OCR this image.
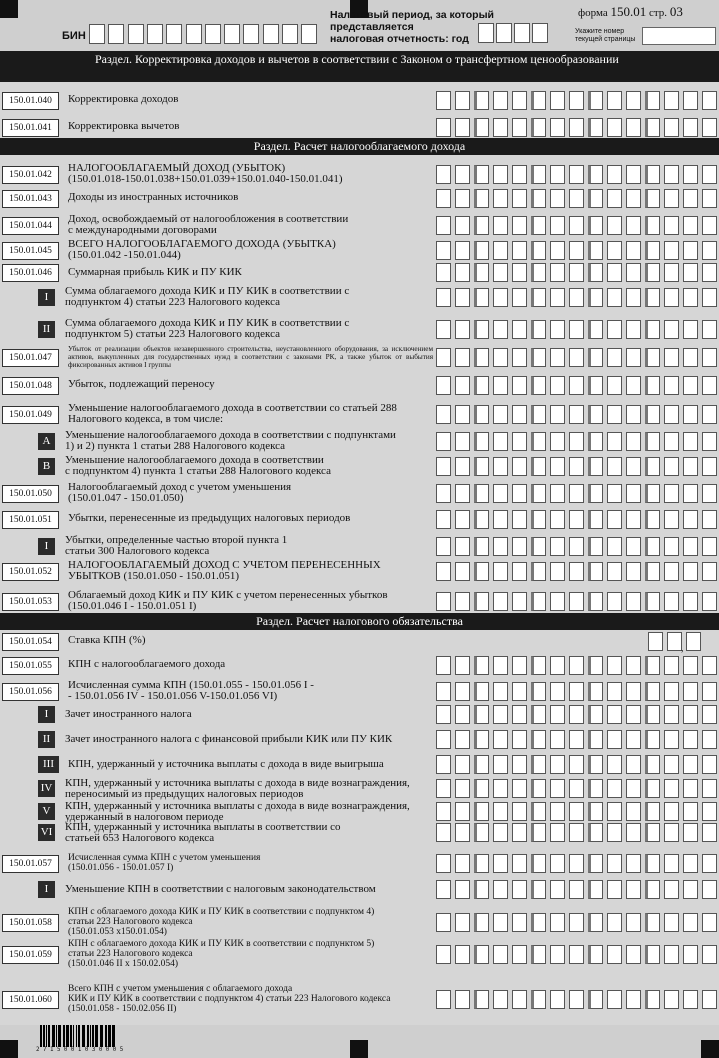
форма 150.01 стр. 03
БИН
Налоговый период, за который
представляется
налоговая отчетность: год
Укажите номер
текущей страницы
Раздел. Корректировка доходов и вычетов в соответствии с Законом о трансфертном ценообразовании
Раздел. Расчет налогооблагаемого дохода
Раздел. Расчет налогового обязательства
150.01.040	Корректировка доходов
150.01.041	Корректировка вычетов
150.01.042
НАЛОГООБЛАГАЕМЫЙ ДОХОД (УБЫТОК)
(150.01.018-150.01.038+150.01.039+150.01.040-150.01.041)
150.01.043	Доходы из иностранных источников
150.01.044
Доход, освобождаемый от налогообложения в соответствии
с международными договорами
150.01.045
ВСЕГО НАЛОГООБЛАГАЕМОГО ДОХОДА (УБЫТКА)
(150.01.042 -150.01.044)
150.01.046	Суммарная прибыль КИК и ПУ КИК
I	Сумма облагаемого дохода КИК и ПУ КИК в соответствии с
подпунктом 4) статьи 223 Налогового кодекса
II	Сумма облагаемого дохода КИК и ПУ КИК в соответствии с
подпунктом 5) статьи 223 Налогового кодекса
150.01.047
Убыток от реализации объектов незавершенного строительства, неустановленного оборудования, за исключением активов, выкупленных для государственных нужд в соответствии с законами РК, а также убыток от выбытия фиксированных активов I группы
150.01.048	Убыток, подлежащий переносу
150.01.049
Уменьшение налогооблагаемого дохода в соответствии со статьей 288
Налогового кодекса, в том числе:
A	Уменьшение налогооблагаемого дохода в соответствии с подпунктами
1) и 2) пункта 1 статьи 288 Налогового кодекса
B	Уменьшение налогооблагаемого дохода в соответствии
с подпунктом 4) пункта 1 статьи 288 Налогового кодекса
150.01.050
Налогооблагаемый доход с учетом уменьшения
(150.01.047 - 150.01.050)
150.01.051	Убытки, перенесенные из предыдущих налоговых периодов
I	Убытки, определенные частью второй пункта 1
статьи 300 Налогового кодекса
150.01.052
НАЛОГООБЛАГАЕМЫЙ ДОХОД С УЧЕТОМ ПЕРЕНЕСЕННЫХ
УБЫТКОВ (150.01.050 - 150.01.051)
150.01.053
Облагаемый доход КИК и ПУ КИК с учетом перенесенных убытков
(150.01.046 I - 150.01.051 I)
150.01.054	Ставка КПН (%)
,
150.01.055	КПН с налогооблагаемого дохода
150.01.056
Исчисленная сумма КПН (150.01.055 - 150.01.056 I -
- 150.01.056 IV - 150.01.056 V-150.01.056 VI)
I	Зачет иностранного налога
II	Зачет иностранного налога с финансовой прибыли КИК или ПУ КИК
III	КПН, удержанный у источника выплаты с дохода в виде выигрыша
IV КПН, удержанный у источника выплаты с дохода в виде вознаграждения,
переносимый из предыдущих налоговых периодов
V	КПН, удержанный у источника выплаты с дохода в виде вознаграждения,
удержанный в налоговом периоде
VI КПН, удержанный у источника выплаты в соответствии со
статьей 653 Налогового кодекса
150.01.057
Исчисленная сумма КПН с учетом уменьшения
(150.01.056 - 150.01.057 I)
I	Уменьшение КПН в соответствии с налоговым законодательством
150.01.058
КПН с облагаемого дохода КИК и ПУ КИК в соответствии с подпунктом 4)
статьи 223 Налогового кодекса
(150.01.053 х150.01.054)
150.01.059
КПН с облагаемого дохода КИК и ПУ КИК в соответствии с подпунктом 5)
статьи 223 Налогового кодекса
(150.01.046 II х 150.02.054)
150.01.060
Всего КПН с учетом уменьшения с облагаемого дохода
КИК и ПУ КИК в соответствии с подпунктом 4) статьи 223 Налогового кодекса
(150.01.058 - 150.02.056 II)
2 7 1 5 0 0 1 0 3 0 0 0 5
